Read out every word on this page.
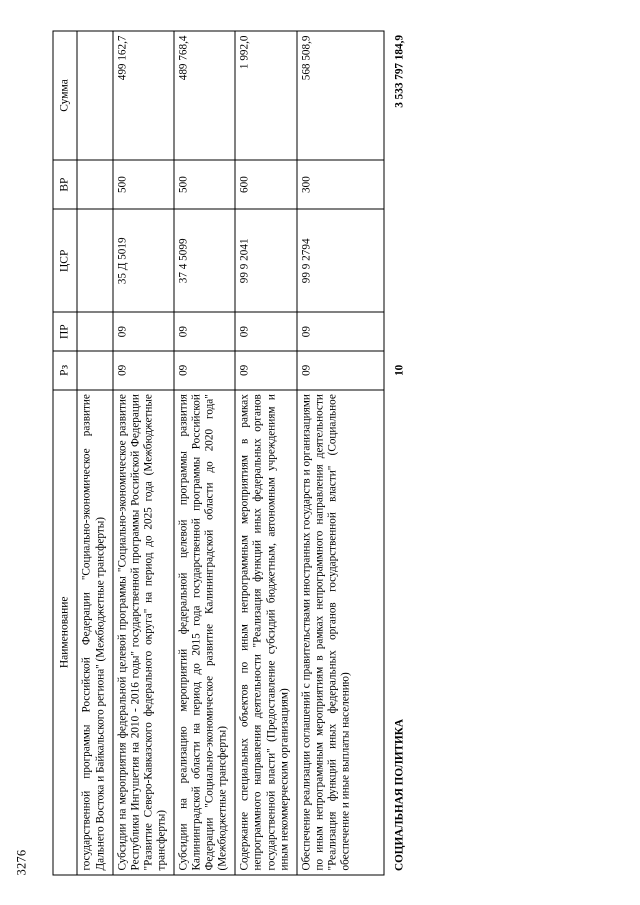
3276
Наименование	Рз	ПР	ЦСР	ВР	Сумма
государственной программы Российской Федерации "Социально-экономическое развитие Дальнего Востока и Байкальского региона" (Межбюджетные трансферты)					
Субсидии на мероприятия федеральной целевой программы "Социально-экономическое развитие Республики Ингушетия на 2010 - 2016 годы" государственной программы Российской Федерации "Развитие Северо-Кавказского федерального округа" на период до 2025 года (Межбюджетные трансферты)	09	09	35 Д 5019	500	499 162,7
Субсидии на реализацию мероприятий федеральной целевой программы развития Калининградской области на период до 2015 года государственной программы Российской Федерации "Социально-экономическое развитие Калининградской области до 2020 года" (Межбюджетные трансферты)	09	09	37 4 5099	500	489 768,4
Содержание специальных объектов по иным непрограммным мероприятиям в рамках непрограммного направления деятельности "Реализация функций иных федеральных органов государственной власти" (Предоставление субсидий бюджетным, автономным учреждениям и иным некоммерческим организациям)	09	09	99 9 2041	600	1 992,0
Обеспечение реализации соглашений с правительствами иностранных государств и организациями по иным непрограммным мероприятиям в рамках непрограммного направления деятельности "Реализация функций иных федеральных органов государственной власти" (Социальное обеспечение и иные выплаты населению)	09	09	99 9 2794	300	568 508,9
СОЦИАЛЬНАЯ ПОЛИТИКА	10				3 533 797 184,9
